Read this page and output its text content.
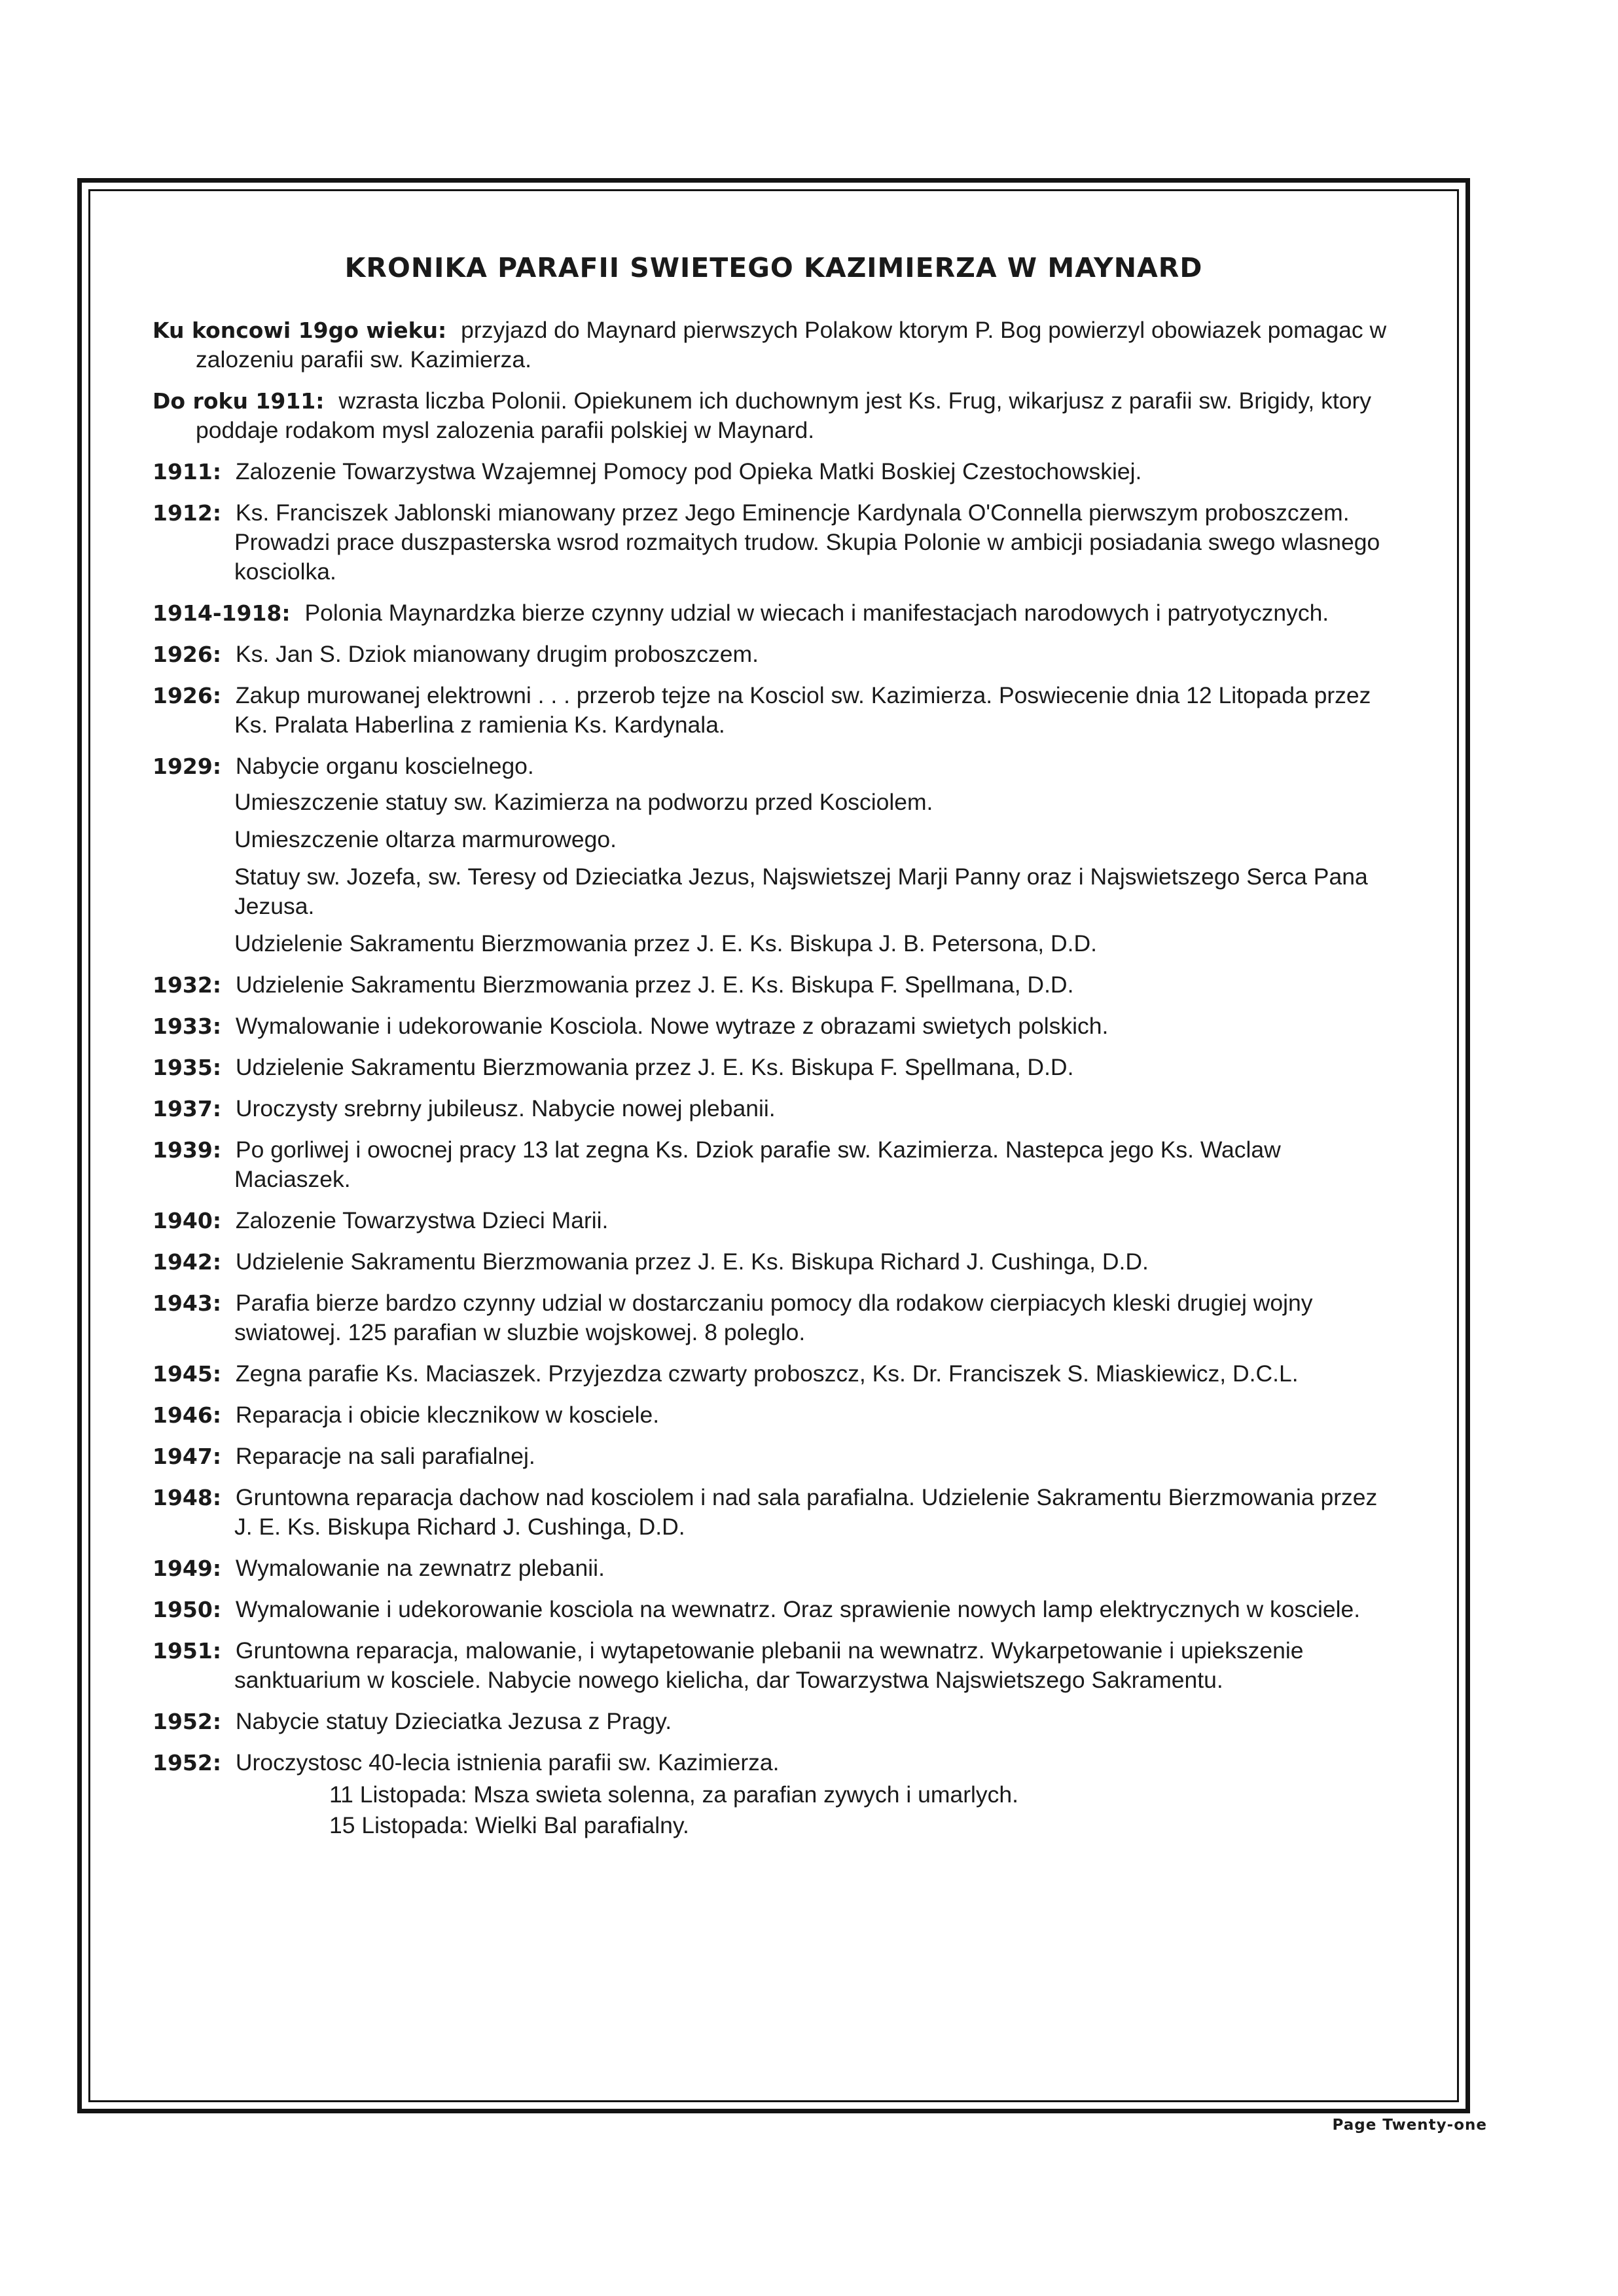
KRONIKA PARAFII SWIETEGO KAZIMIERZA W MAYNARD
Ku koncowi 19go wieku: przyjazd do Maynard pierwszych Polakow ktorym P. Bog powierzyl obowiazek pomagac w zalozeniu parafii sw. Kazimierza.
Do roku 1911: wzrasta liczba Polonii. Opiekunem ich duchownym jest Ks. Frug, wikarjusz z parafii sw. Brigidy, ktory poddaje rodakom mysl zalozenia parafii polskiej w Maynard.
1911: Zalozenie Towarzystwa Wzajemnej Pomocy pod Opieka Matki Boskiej Czestochowskiej.
1912: Ks. Franciszek Jablonski mianowany przez Jego Eminencje Kardynala O'Connella pierwszym proboszczem. Prowadzi prace duszpasterska wsrod rozmaitych trudow. Skupia Polonie w ambicji posiadania swego wlasnego kosciolka.
1914-1918: Polonia Maynardzka bierze czynny udzial w wiecach i manifestacjach narodowych i patryotycznych.
1926: Ks. Jan S. Dziok mianowany drugim proboszczem.
1926: Zakup murowanej elektrowni . . . przerob tejze na Kosciol sw. Kazimierza. Poswiecenie dnia 12 Litopada przez Ks. Pralata Haberlina z ramienia Ks. Kardynala.
1929: Nabycie organu koscielnego.
Umieszczenie statuy sw. Kazimierza na podworzu przed Kosciolem.
Umieszczenie oltarza marmurowego.
Statuy sw. Jozefa, sw. Teresy od Dzieciatka Jezus, Najswietszej Marji Panny oraz i Najswietszego Serca Pana Jezusa.
Udzielenie Sakramentu Bierzmowania przez J. E. Ks. Biskupa J. B. Petersona, D.D.
1932: Udzielenie Sakramentu Bierzmowania przez J. E. Ks. Biskupa F. Spellmana, D.D.
1933: Wymalowanie i udekorowanie Kosciola. Nowe wytraze z obrazami swietych polskich.
1935: Udzielenie Sakramentu Bierzmowania przez J. E. Ks. Biskupa F. Spellmana, D.D.
1937: Uroczysty srebrny jubileusz. Nabycie nowej plebanii.
1939: Po gorliwej i owocnej pracy 13 lat zegna Ks. Dziok parafie sw. Kazimierza. Nastepca jego Ks. Waclaw Maciaszek.
1940: Zalozenie Towarzystwa Dzieci Marii.
1942: Udzielenie Sakramentu Bierzmowania przez J. E. Ks. Biskupa Richard J. Cushinga, D.D.
1943: Parafia bierze bardzo czynny udzial w dostarczaniu pomocy dla rodakow cierpiacych kleski drugiej wojny swiatowej. 125 parafian w sluzbie wojskowej. 8 poleglo.
1945: Zegna parafie Ks. Maciaszek. Przyjezdza czwarty proboszcz, Ks. Dr. Franciszek S. Miaskiewicz, D.C.L.
1946: Reparacja i obicie klecznikow w kosciele.
1947: Reparacje na sali parafialnej.
1948: Gruntowna reparacja dachow nad kosciolem i nad sala parafialna. Udzielenie Sakramentu Bierzmowania przez J. E. Ks. Biskupa Richard J. Cushinga, D.D.
1949: Wymalowanie na zewnatrz plebanii.
1950: Wymalowanie i udekorowanie kosciola na wewnatrz. Oraz sprawienie nowych lamp elektrycznych w kosciele.
1951: Gruntowna reparacja, malowanie, i wytapetowanie plebanii na wewnatrz. Wykarpetowanie i upiekszenie sanktuarium w kosciele. Nabycie nowego kielicha, dar Towarzystwa Najswietszego Sakramentu.
1952: Nabycie statuy Dzieciatka Jezusa z Pragy.
1952: Uroczystosc 40-lecia istnienia parafii sw. Kazimierza.
11 Listopada: Msza swieta solenna, za parafian zywych i umarlych.
15 Listopada: Wielki Bal parafialny.
Page Twenty-one
